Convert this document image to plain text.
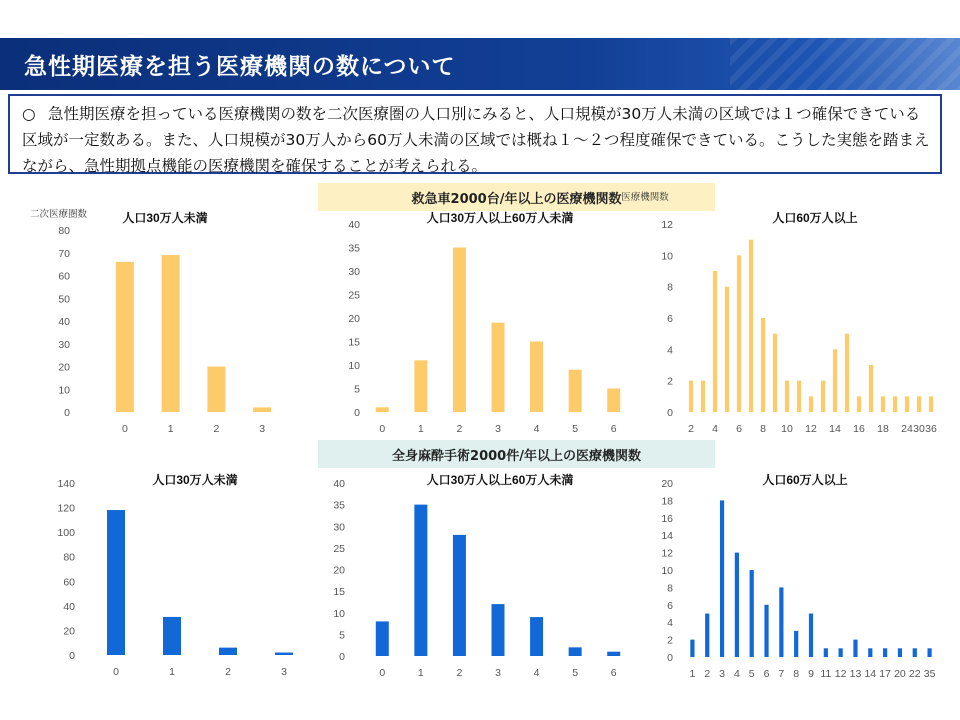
急性期医療を担う医療機関の数について
○ 急性期医療を担っている医療機関の数を二次医療圏の人口別にみると、人口規模が30万人未満の区域では１つ確保できている区域が一定数ある。また、人口規模が30万人から60万人未満の区域では概ね１～２つ程度確保できている。こうした実態を踏まえながら、急性期拠点機能の医療機関を確保することが考えられる。
救急車2000台/年以上の医療機関数
全身麻酔手術2000件/年以上の医療機関数
人口30万人未満
0
10
20
30
40
50
60
70
80
0	1	2	3
二次医療圏数	人口30万人以上60万人未満
0
5
10
15
20
25
30
35
40
0	1	2	3	4	5	6
人口60万人以上
0
2
4
6
8
10
12
2 4 6 8 10 12 14 16 18 24 30 36
医療機関数
人口30万人未満
0
20
40
60
80
100
120
140
0	1	2	3
人口30万人以上60万人未満
0
5
10
15
20
25
30
35
40
0	1	2	3	4	5	6
人口60万人以上
0
2
4
6
8
10
12
14
16
18
20
1 2 3 4 5 6 7 8 9 11 12 13 14 17 20 22 35
